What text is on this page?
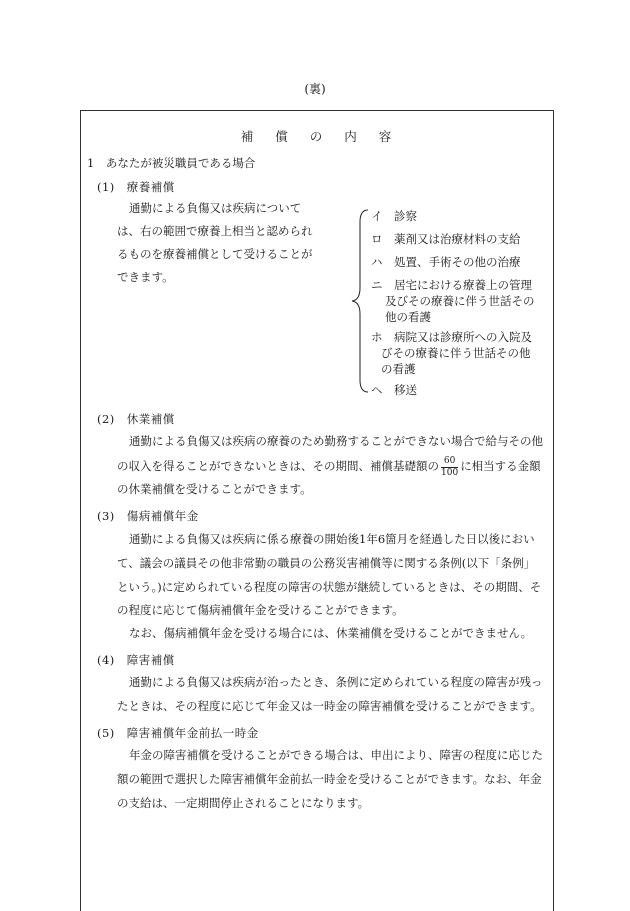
(裏)
補 償 の 内 容
1　あなたが被災職員である場合
(1)　療養補償
通勤による負傷又は疾病について
は、右の範囲で療養上相当と認められ
るものを療養補償として受けることが
できます。
イ　 診察
ロ　 薬剤又は治療材料の支給
ハ　 処置、手術その他の治療
ニ　 居宅における療養上の管理
及びその療養に伴う世話その
他の看護
ホ　 病院又は診療所への入院及
びその療養に伴う世話その他
の看護
ヘ　 移送
(2)　休業補償
通勤による負傷又は疾病の療養のため勤務することができない場合で給与その他
の収入を得ることができないときは、その期間、補償基礎額の $\frac{60}{100}$ に相当する金額
の休業補償を受けることができます。
(3)　傷病補償年金
通勤による負傷又は疾病に係る療養の開始後1年6箇月を経過した日以後におい
て、議会の議員その他非常勤の職員の公務災害補償等に関する条例(以下「条例」
という。)に定められている程度の障害の状態が継続しているときは、その期間、そ
の程度に応じて傷病補償年金を受けることができます。
なお、傷病補償年金を受ける場合には、休業補償を受けることができません。
(4)　障害補償
通勤による負傷又は疾病が治ったとき、条例に定められている程度の障害が残っ
たときは、その程度に応じて年金又は一時金の障害補償を受けることができます。
(5)　障害補償年金前払一時金
年金の障害補償を受けることができる場合は、申出により、障害の程度に応じた
額の範囲で選択した障害補償年金前払一時金を受けることができます。なお、年金
の支給は、一定期間停止されることになります。
